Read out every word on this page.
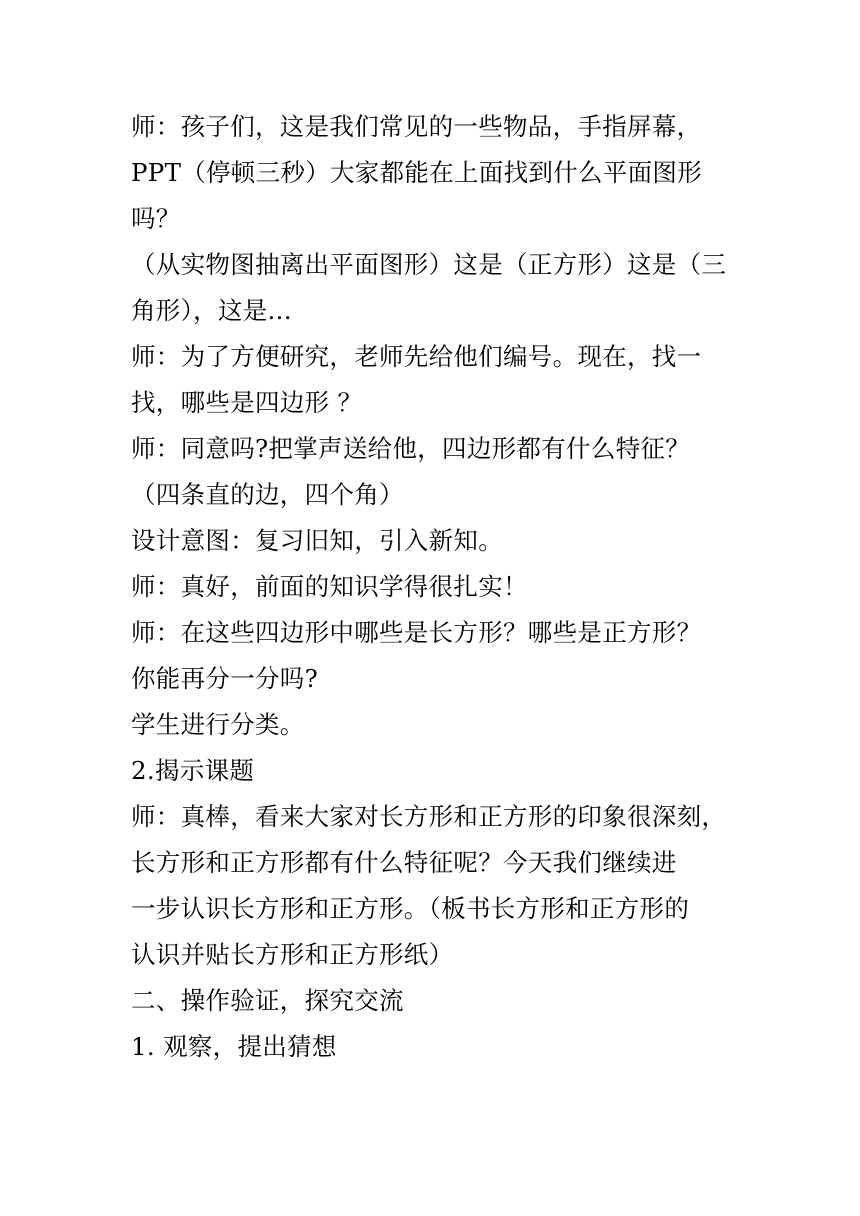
师：孩子们，这是我们常见的一些物品，手指屏幕，
PPT（停顿三秒）大家都能在上面找到什么平面图形
吗？
（从实物图抽离出平面图形）这是（正方形）这是（三
角形），这是...
师：为了方便研究，老师先给他们编号。现在，找一
找，哪些是四边形 ？
师：同意吗?把掌声送给他，四边形都有什么特征？
（四条直的边，四个角）
设计意图：复习旧知，引入新知。
师：真好，前面的知识学得很扎实！
师：在这些四边形中哪些是长方形？哪些是正方形？
你能再分一分吗?
学生进行分类。
2.揭示课题
师：真棒，看来大家对长方形和正方形的印象很深刻，
长方形和正方形都有什么特征呢？今天我们继续进
一步认识长方形和正方形。（板书长方形和正方形的
认识并贴长方形和正方形纸）
二、操作验证，探究交流
1. 观察，提出猜想
